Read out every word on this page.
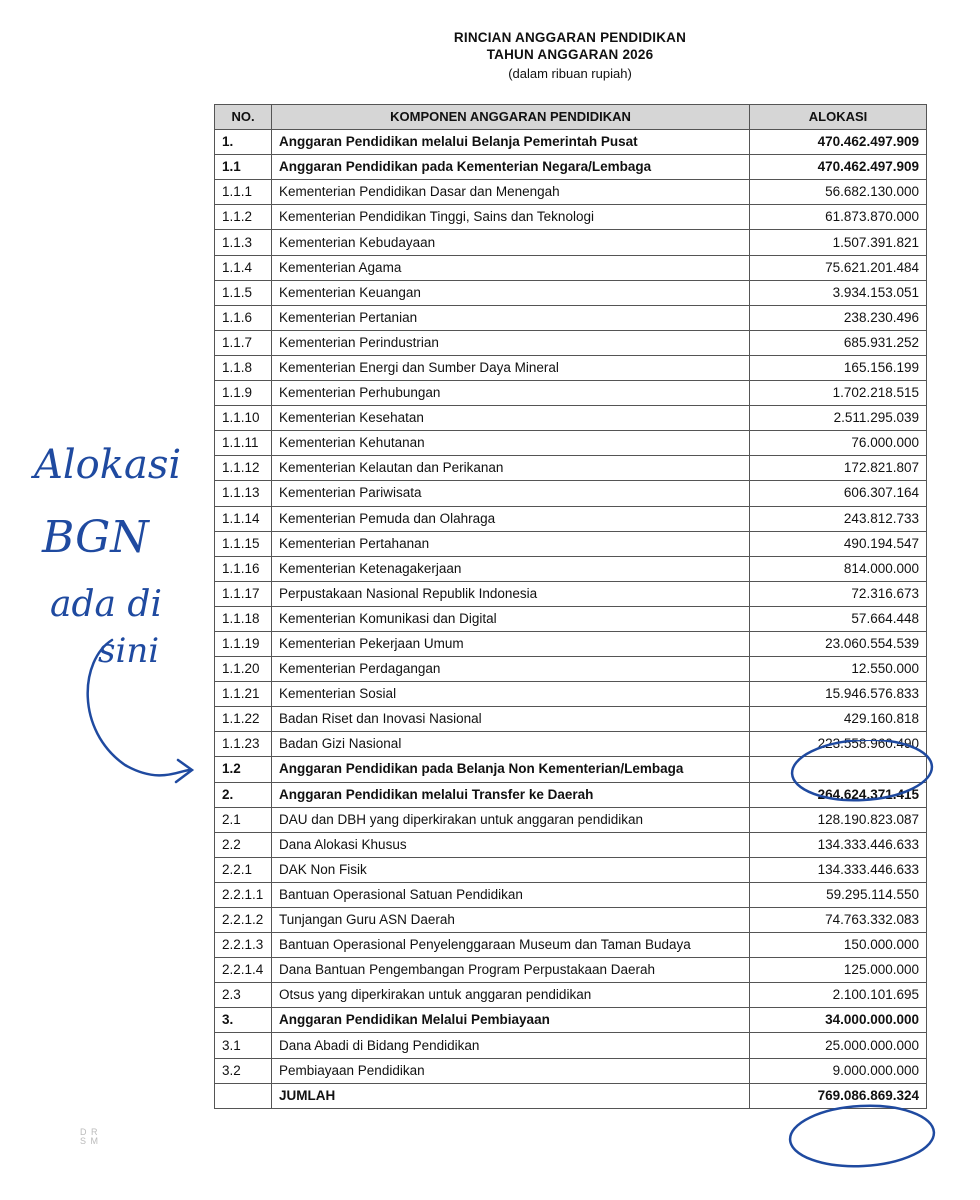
RINCIAN ANGGARAN PENDIDIKAN
TAHUN ANGGARAN 2026
(dalam ribuan rupiah)
NO.	KOMPONEN ANGGARAN PENDIDIKAN	ALOKASI
1.	Anggaran Pendidikan melalui Belanja Pemerintah Pusat	470.462.497.909
1.1	Anggaran Pendidikan pada Kementerian Negara/Lembaga	470.462.497.909
1.1.1	Kementerian Pendidikan Dasar dan Menengah	56.682.130.000
1.1.2	Kementerian Pendidikan Tinggi, Sains dan Teknologi	61.873.870.000
1.1.3	Kementerian Kebudayaan	1.507.391.821
1.1.4	Kementerian Agama	75.621.201.484
1.1.5	Kementerian Keuangan	3.934.153.051
1.1.6	Kementerian Pertanian	238.230.496
1.1.7	Kementerian Perindustrian	685.931.252
1.1.8	Kementerian Energi dan Sumber Daya Mineral	165.156.199
1.1.9	Kementerian Perhubungan	1.702.218.515
1.1.10	Kementerian Kesehatan	2.511.295.039
1.1.11	Kementerian Kehutanan	76.000.000
1.1.12	Kementerian Kelautan dan Perikanan	172.821.807
1.1.13	Kementerian Pariwisata	606.307.164
1.1.14	Kementerian Pemuda dan Olahraga	243.812.733
1.1.15	Kementerian Pertahanan	490.194.547
1.1.16	Kementerian Ketenagakerjaan	814.000.000
1.1.17	Perpustakaan Nasional Republik Indonesia	72.316.673
1.1.18	Kementerian Komunikasi dan Digital	57.664.448
1.1.19	Kementerian Pekerjaan Umum	23.060.554.539
1.1.20	Kementerian Perdagangan	12.550.000
1.1.21	Kementerian Sosial	15.946.576.833
1.1.22	Badan Riset dan Inovasi Nasional	429.160.818
1.1.23	Badan Gizi Nasional	223.558.960.490
1.2	Anggaran Pendidikan pada Belanja Non Kementerian/Lembaga	
2.	Anggaran Pendidikan melalui Transfer ke Daerah	264.624.371.415
2.1	DAU dan DBH yang diperkirakan untuk anggaran pendidikan	128.190.823.087
2.2	Dana Alokasi Khusus	134.333.446.633
2.2.1	DAK Non Fisik	134.333.446.633
2.2.1.1	Bantuan Operasional Satuan Pendidikan	59.295.114.550
2.2.1.2	Tunjangan Guru ASN Daerah	74.763.332.083
2.2.1.3	Bantuan Operasional Penyelenggaraan Museum dan Taman Budaya	150.000.000
2.2.1.4	Dana Bantuan Pengembangan Program Perpustakaan Daerah	125.000.000
2.3	Otsus yang diperkirakan untuk anggaran pendidikan	2.100.101.695
3.	Anggaran Pendidikan Melalui Pembiayaan	34.000.000.000
3.1	Dana Abadi di Bidang Pendidikan	25.000.000.000
3.2	Pembiayaan Pendidikan	9.000.000.000
	JUMLAH	769.086.869.324
Alokasi
BGN
ada di
sini
D R
S M
